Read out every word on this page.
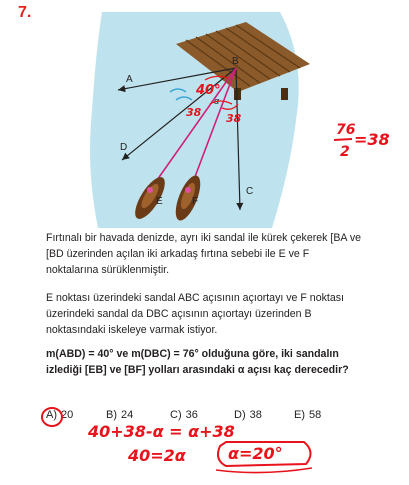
7.
B
A
D
C
E	F
α
40°
38 38
76
2
=38
Fırtınalı bir havada denizde, ayrı iki sandal ile kürek çekerek [BA ve [BD üzerinden açılan iki arkadaş fırtına sebebi ile E ve F noktalarına sürüklenmiştir.
E noktası üzerindeki sandal ABC açısının açıortayı ve F noktası üzerindeki sandal da DBC açısının açıortayı üzerinden B noktasındaki iskeleye varmak istiyor.
m(ABD) = 40° ve m(DBC) = 76° olduğuna göre, iki sandalın izlediği [EB] ve [BF] yolları arasındaki α açısı kaç derecedir?
A) 20	B) 24	C) 36	D) 38	E) 58
40+38-α = α+38
40=2α	α=20°
